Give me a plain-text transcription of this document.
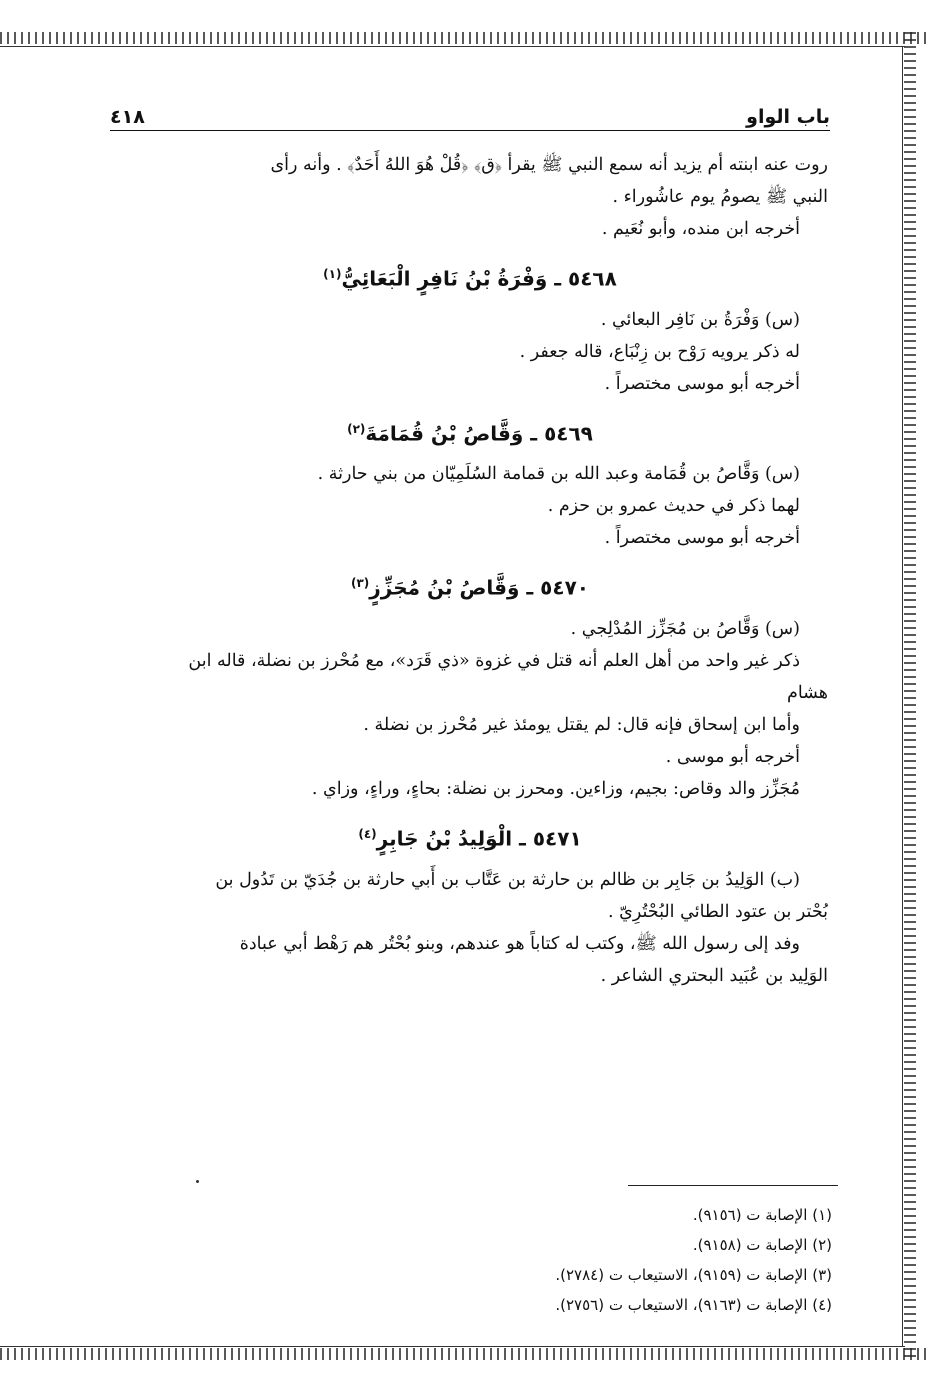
باب الواو
٤١٨

روت عنه ابنته أم يزيد أنه سمع النبي ﷺ يقرأ ﴿ق﴾ ﴿قُلْ هُوَ اللهُ أَحَدٌ﴾ . وأنه رأى

النبي ﷺ يصومُ يوم عاشُوراء .

أخرجه ابن منده، وأبو نُعَيم .

٥٤٦٨ ـ وَفْرَةُ بْنُ نَافِرٍ الْبَعَائِيُّ$^{(١)}$

(س) وَفْرَةُ بن نَافِر البعائي .

له ذكر يرويه رَوْح بن زِنْبَاع، قاله جعفر .

أخرجه أبو موسى مختصراً .

٥٤٦٩ ـ وَقَّاصُ بْنُ قُمَامَةَ$^{(٢)}$

(س) وَقَّاصُ بن قُمَامة وعبد الله بن قمامة السُلَمِيّان من بني حارثة .

لهما ذكر في حديث عمرو بن حزم .

أخرجه أبو موسى مختصراً .

٥٤٧٠ ـ وَقَّاصُ بْنُ مُجَزِّزٍ$^{(٣)}$

(س) وَقَّاصُ بن مُجَزِّز المُدْلِجي .

ذكر غير واحد من أهل العلم أنه قتل في غزوة «ذي قَرَد»، مع مُحْرز بن نضلة، قاله ابن

هشام

وأما ابن إسحاق فإنه قال: لم يقتل يومئذ غير مُحْرز بن نضلة .

أخرجه أبو موسى .

مُجَزِّز والد وقاص: بجيم، وزاءين. ومحرز بن نضلة: بحاءٍ، وراءٍ، وزاي .

٥٤٧١ ـ الْوَلِيدُ بْنُ جَابِرٍ$^{(٤)}$

(ب) الوَلِيدُ بن جَابِر بن ظالم بن حارثة بن عَتَّاب بن أَبي حارثة بن جُدَيّ بن تَدُول بن

بُحْتر بن عتود الطائي البُحْتُرِيّ .

وفد إلى رسول الله ﷺ، وكتب له كتاباً هو عندهم، وبنو بُحْتُر هم رَهْط أبي عبادة

الوَلِيد بن عُبَيد البحتري الشاعر .

(١) الإصابة ت (٩١٥٦).

(٢) الإصابة ت (٩١٥٨).

(٣) الإصابة ت (٩١٥٩)، الاستيعاب ت (٢٧٨٤).

(٤) الإصابة ت (٩١٦٣)، الاستيعاب ت (٢٧٥٦).
